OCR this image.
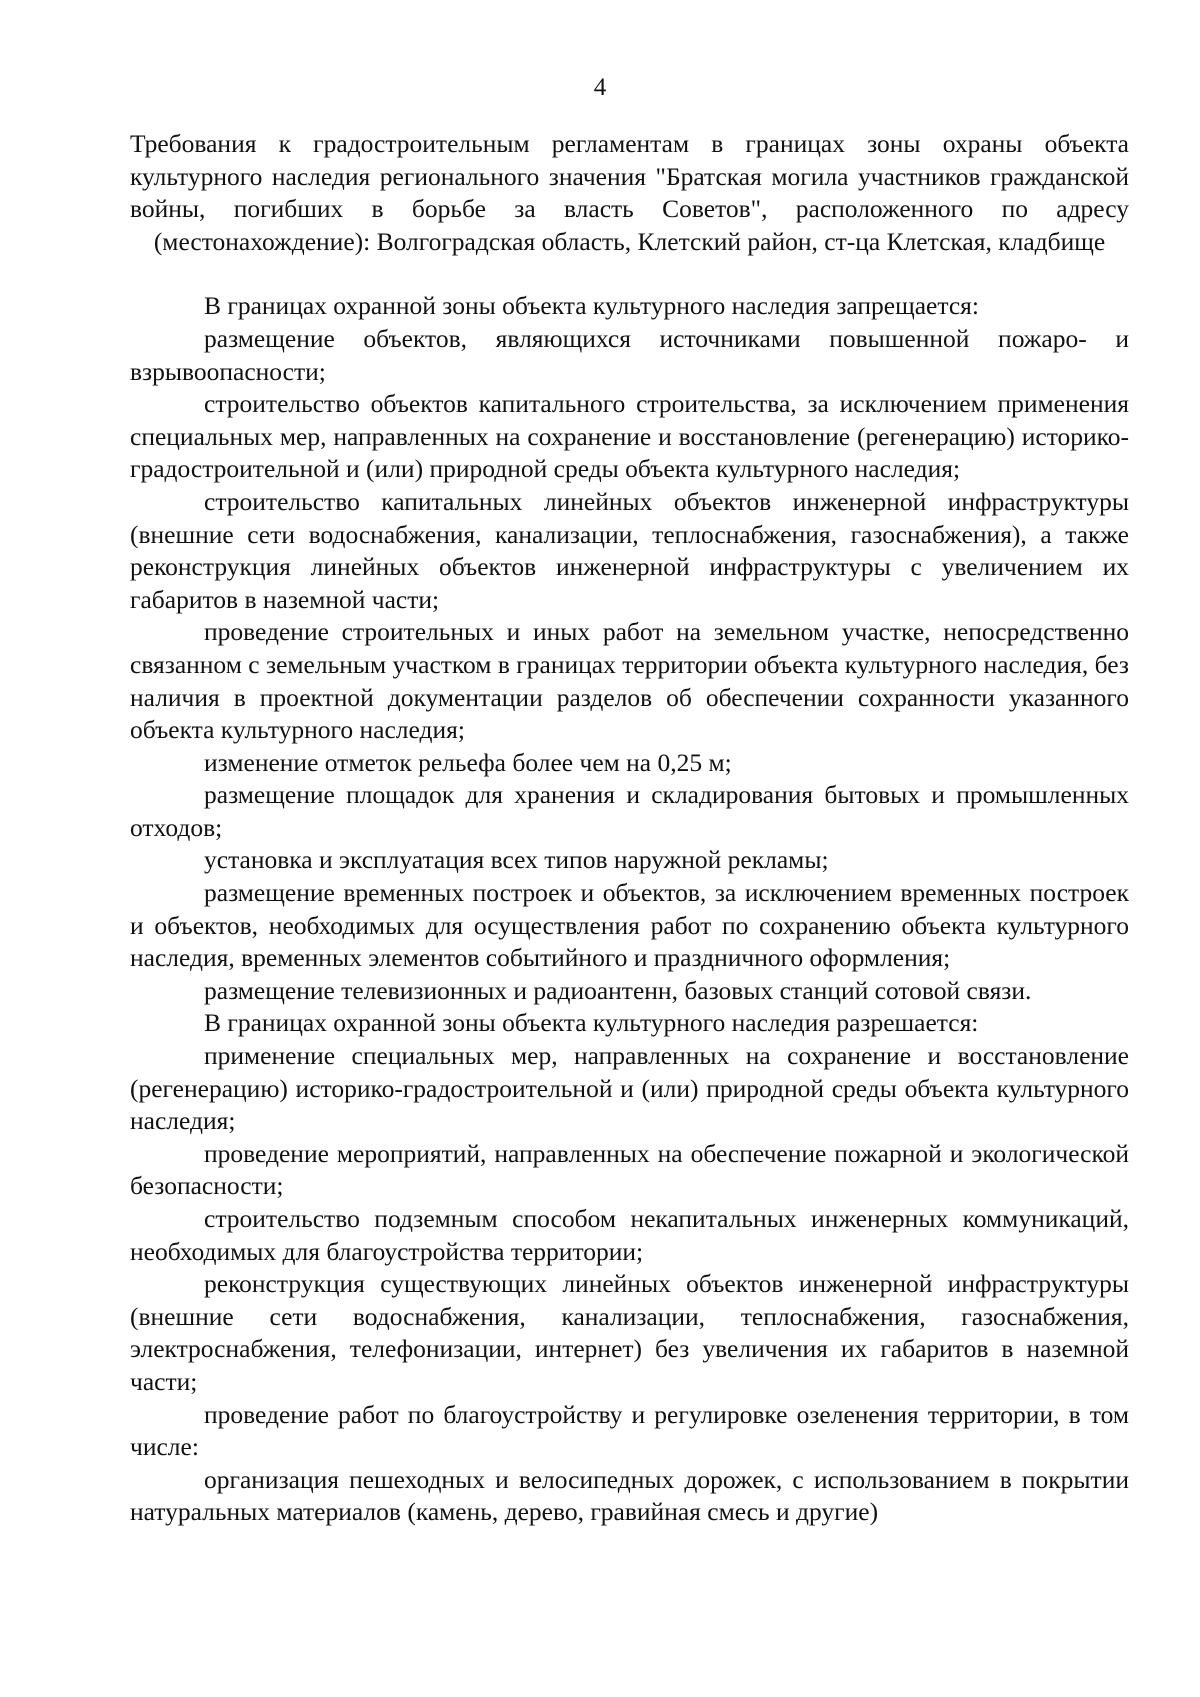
4
Требования к градостроительным регламентам в границах зоны охраны объекта культурного наследия регионального значения "Братская могила участников гражданской войны, погибших в борьбе за власть Советов", расположенного по адресу (местонахождение): Волгоградская область, Клетский район, ст-ца Клетская, кладбище

В границах охранной зоны объекта культурного наследия запрещается:

размещение объектов, являющихся источниками повышенной пожаро- и взрывоопасности;

строительство объектов капитального строительства, за исключением применения специальных мер, направленных на сохранение и восстановление (регенерацию) историко-градостроительной и (или) природной среды объекта культурного наследия;

строительство капитальных линейных объектов инженерной инфраструктуры (внешние сети водоснабжения, канализации, теплоснабжения, газоснабжения), а также реконструкция линейных объектов инженерной инфраструктуры с увеличением их габаритов в наземной части;

проведение строительных и иных работ на земельном участке, непосредственно связанном с земельным участком в границах территории объекта культурного наследия, без наличия в проектной документации разделов об обеспечении сохранности указанного объекта культурного наследия;

изменение отметок рельефа более чем на 0,25 м;

размещение площадок для хранения и складирования бытовых и промышленных отходов;

установка и эксплуатация всех типов наружной рекламы;

размещение временных построек и объектов, за исключением временных построек и объектов, необходимых для осуществления работ по сохранению объекта культурного наследия, временных элементов событийного и праздничного оформления;

размещение телевизионных и радиоантенн, базовых станций сотовой связи.

В границах охранной зоны объекта культурного наследия разрешается:

применение специальных мер, направленных на сохранение и восстановление (регенерацию) историко-градостроительной и (или) природной среды объекта культурного наследия;

проведение мероприятий, направленных на обеспечение пожарной и экологической безопасности;

строительство подземным способом некапитальных инженерных коммуникаций, необходимых для благоустройства территории;

реконструкция существующих линейных объектов инженерной инфраструктуры (внешние сети водоснабжения, канализации, теплоснабжения, газоснабжения, электроснабжения, телефонизации, интернет) без увеличения их габаритов в наземной части;

проведение работ по благоустройству и регулировке озеленения территории, в том числе:

организация пешеходных и велосипедных дорожек, с использованием в покрытии натуральных материалов (камень, дерево, гравийная смесь и другие)
